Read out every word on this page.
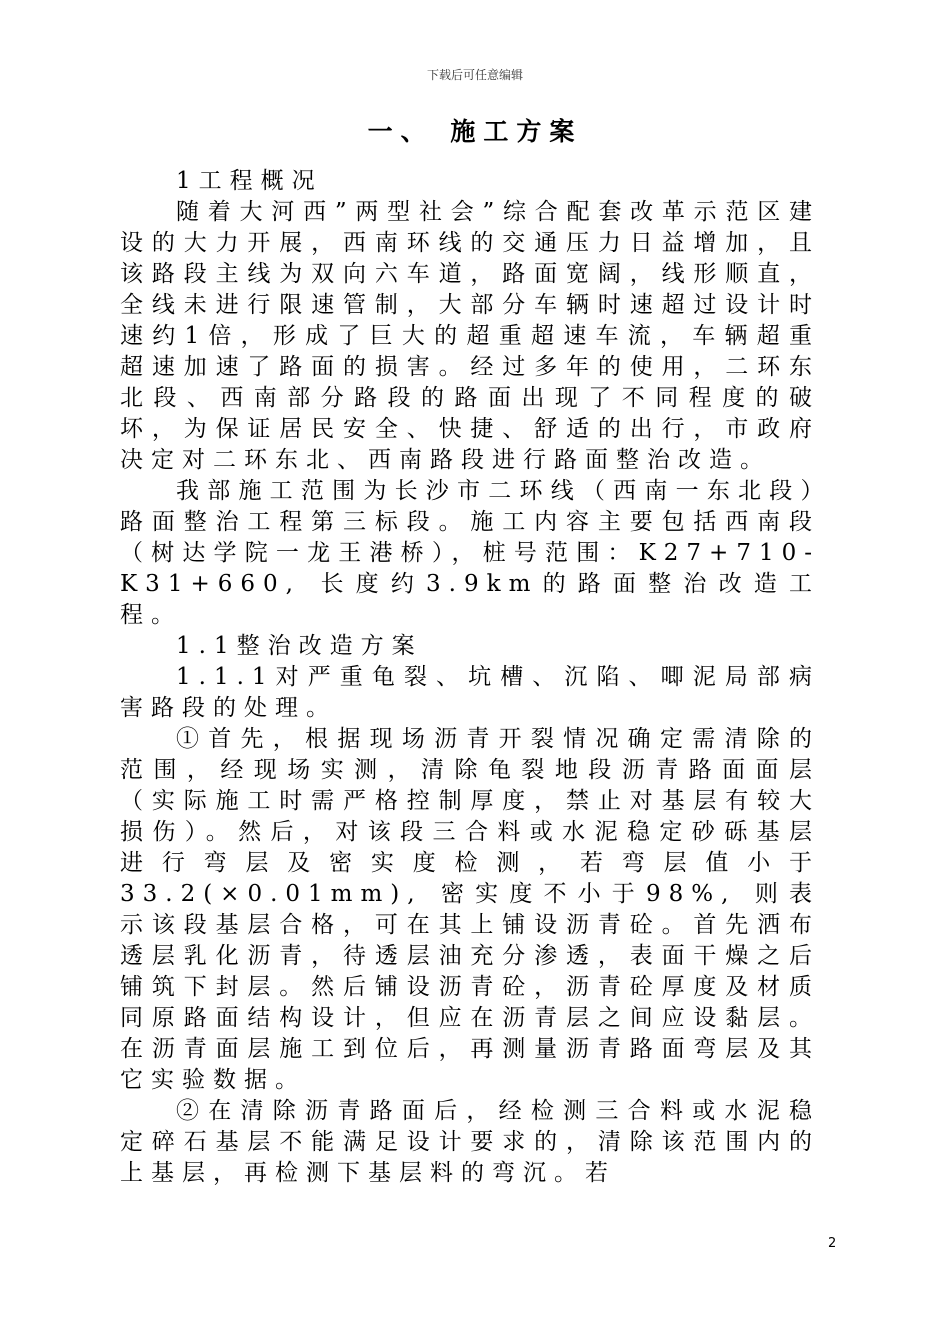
下载后可任意编辑
一、 施工方案

1工程概况

随着大河西”两型社会”综合配套改革示范区建设的大力开展，西南环线的交通压力日益增加，且该路段主线为双向六车道，路面宽阔，线形顺直，全线未进行限速管制，大部分车辆时速超过设计时速约1倍，形成了巨大的超重超速车流，车辆超重超速加速了路面的损害。经过多年的使用，二环东北段、西南部分路段的路面出现了不同程度的破坏，为保证居民安全、快捷、舒适的出行，市政府决定对二环东北、西南路段进行路面整治改造。

我部施工范围为长沙市二环线（西南一东北段）路面整治工程第三标段。施工内容主要包括西南段（树达学院一龙王港桥），桩号范围：K27+710-K31+660, 长度约3.9km的路面整治改造工程。

1.1整治改造方案

1.1.1对严重龟裂、坑槽、沉陷、唧泥局部病害路段的处理。

①首先，根据现场沥青开裂情况确定需清除的范围，经现场实测，清除龟裂地段沥青路面面层（实际施工时需严格控制厚度，禁止对基层有较大损伤）。然后，对该段三合料或水泥稳定砂砾基层进行弯层及密实度检测，若弯层值小于33.2(×0.01mm), 密实度不小于98%, 则表示该段基层合格，可在其上铺设沥青砼。首先洒布透层乳化沥青，待透层油充分渗透，表面干燥之后铺筑下封层。然后铺设沥青砼，沥青砼厚度及材质同原路面结构设计，但应在沥青层之间应设黏层。在沥青面层施工到位后，再测量沥青路面弯层及其它实验数据。

②在清除沥青路面后，经检测三合料或水泥稳定碎石基层不能满足设计要求的，清除该范围内的上基层，再检测下基层料的弯沉。若

2
